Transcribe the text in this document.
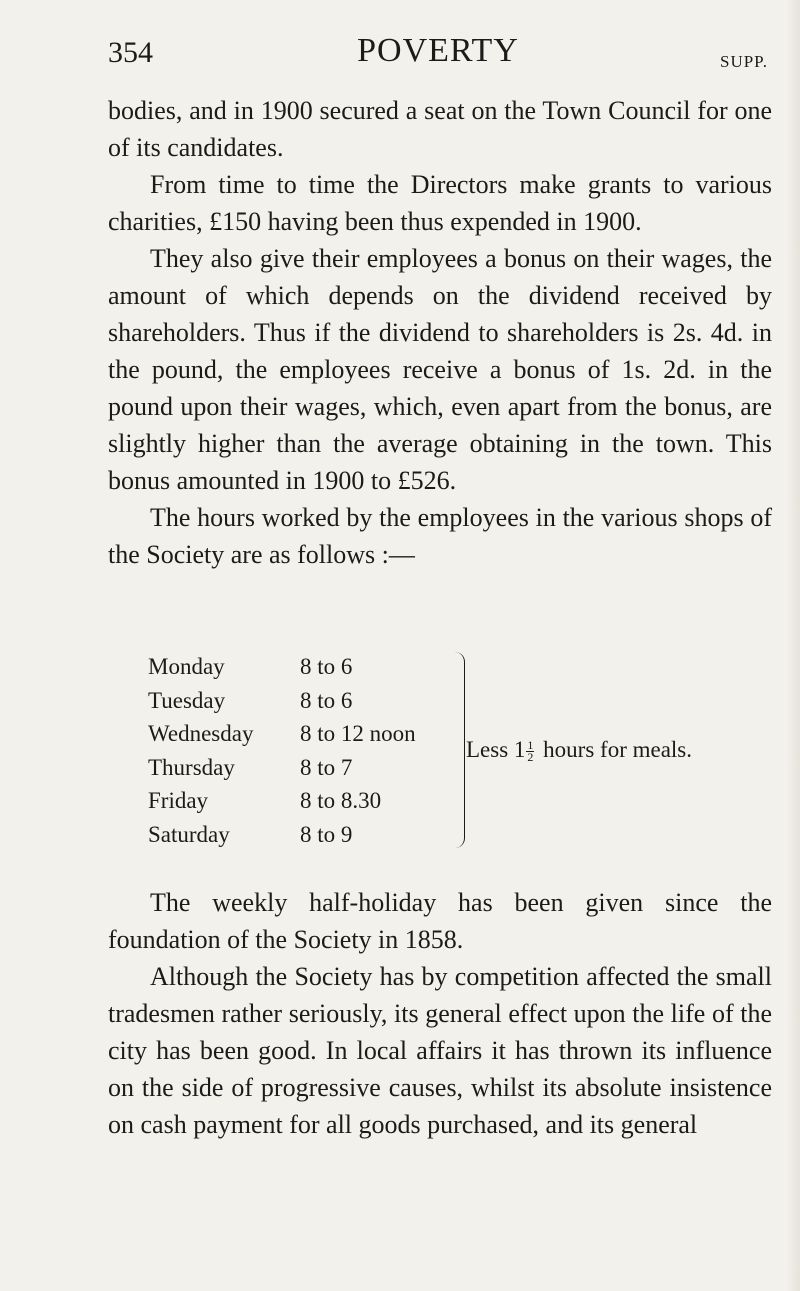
354	POVERTY	SUPP.

bodies, and in 1900 secured a seat on the Town Council for one of its candidates.

From time to time the Directors make grants to various charities, £150 having been thus expended in 1900.

They also give their employees a bonus on their wages, the amount of which depends on the dividend received by shareholders. Thus if the dividend to shareholders is 2s. 4d. in the pound, the employees receive a bonus of 1s. 2d. in the pound upon their wages, which, even apart from the bonus, are slightly higher than the average obtaining in the town. This bonus amounted in 1900 to £526.

The hours worked by the employees in the various shops of the Society are as follows :—

Monday	8 to 6
Tuesday	8 to 6
Wednesday 8 to 12 noon
Thursday	8 to 7
Friday	8 to 8.30
Saturday	8 to 9
Less $1 \frac{1}{2}$ hours for meals.

The weekly half-holiday has been given since the foundation of the Society in 1858.

Although the Society has by competition affected the small tradesmen rather seriously, its general effect upon the life of the city has been good. In local affairs it has thrown its influence on the side of progressive causes, whilst its absolute insistence on cash payment for all goods purchased, and its general
